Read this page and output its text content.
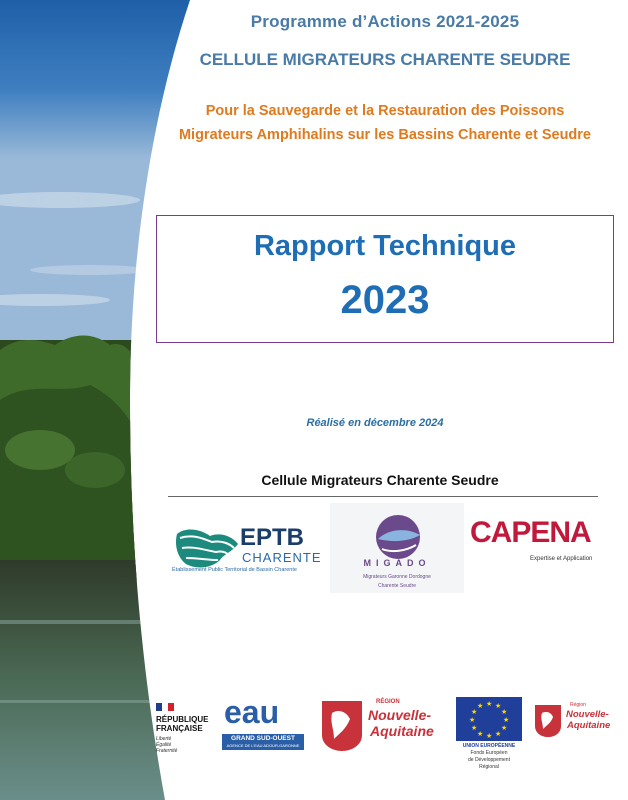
Programme d’Actions 2021-2025
CELLULE MIGRATEURS CHARENTE SEUDRE
Pour la Sauvegarde et la Restauration des Poissons
Migrateurs Amphihalins sur les Bassins Charente et Seudre
Rapport Technique
2023
Réalisé en décembre 2024
Cellule Migrateurs Charente Seudre
EPTB
CHARENTE
Établissement Public Territorial de Bassin Charente
MIGADO
Migrateurs Garonne Dordogne
Charente Seudre
CAPENA
Expertise et Application
RÉPUBLIQUE
FRANÇAISE
Liberté
Égalité
Fraternité
eau
GRAND SUD-OUEST
AGENCE DE L'EAU ADOUR-GARONNE
RÉGION
Nouvelle-
Aquitaine
★ ★
★
★
★
★
★
★
★
★
★
★
UNION EUROPÉENNE
Fonds Européen
de Développement
Régional
Région
Nouvelle-
Aquitaine
